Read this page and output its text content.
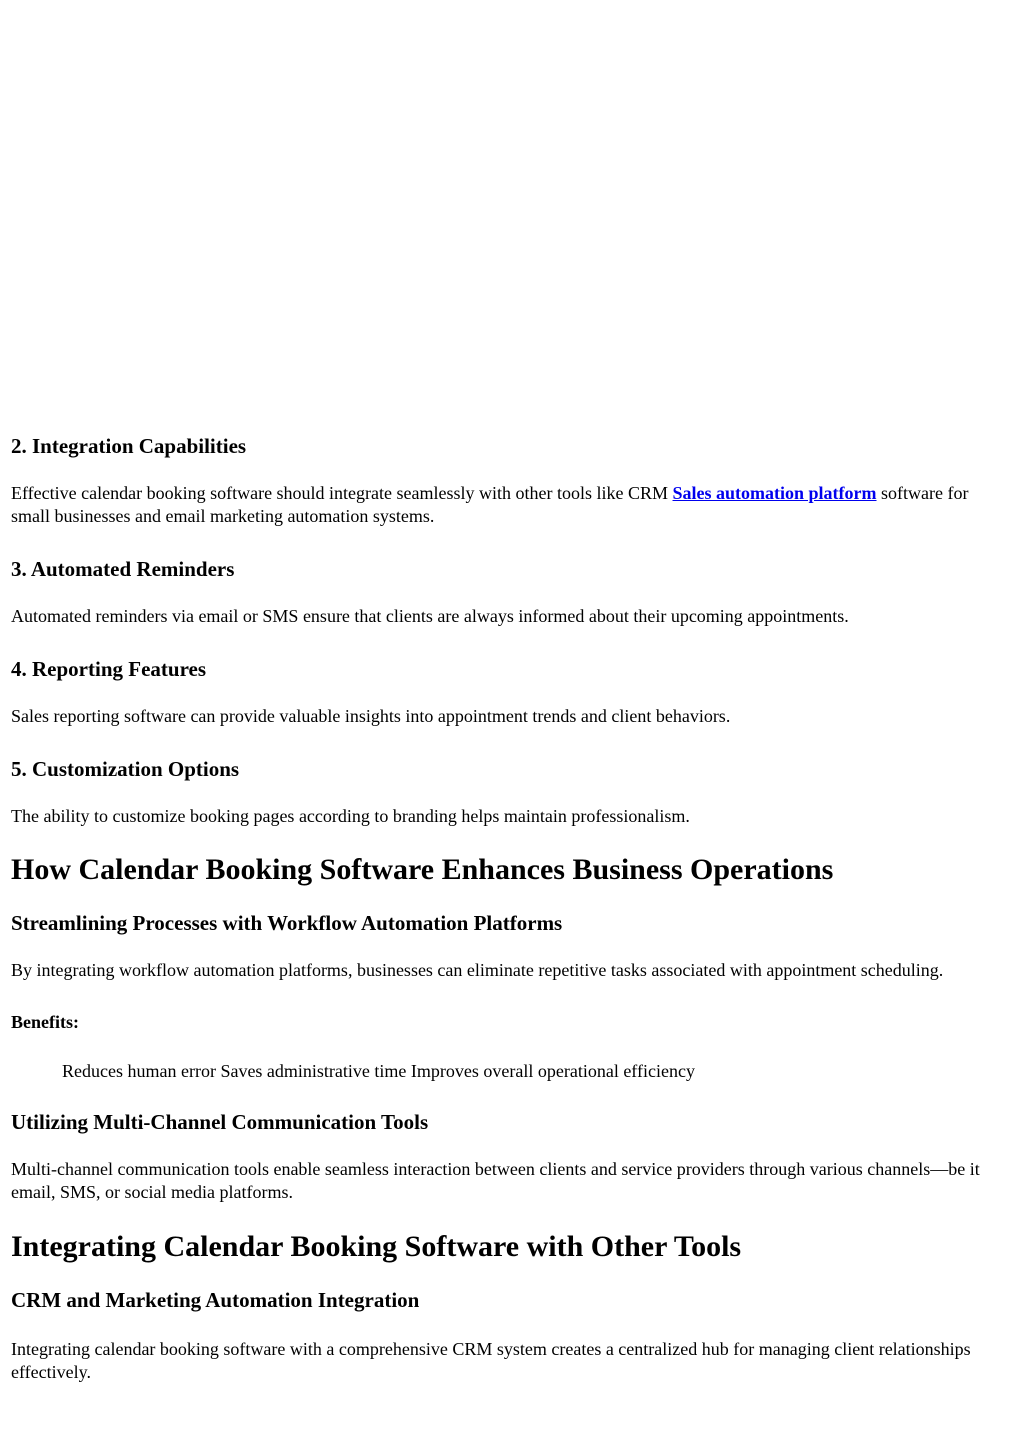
2. Integration Capabilities

Effective calendar booking software should integrate seamlessly with other tools like CRM Sales automation platform software for small businesses and email marketing automation systems.

3. Automated Reminders

Automated reminders via email or SMS ensure that clients are always informed about their upcoming appointments.

4. Reporting Features

Sales reporting software can provide valuable insights into appointment trends and client behaviors.

5. Customization Options

The ability to customize booking pages according to branding helps maintain professionalism.

How Calendar Booking Software Enhances Business Operations
Streamlining Processes with Workflow Automation Platforms

By integrating workflow automation platforms, businesses can eliminate repetitive tasks associated with appointment scheduling.

Benefits:

Reduces human error Saves administrative time Improves overall operational efficiency

Utilizing Multi-Channel Communication Tools

Multi-channel communication tools enable seamless interaction between clients and service providers through various channels—be it email, SMS, or social media platforms.

Integrating Calendar Booking Software with Other Tools
CRM and Marketing Automation Integration

Integrating calendar booking software with a comprehensive CRM system creates a centralized hub for managing client relationships effectively.
